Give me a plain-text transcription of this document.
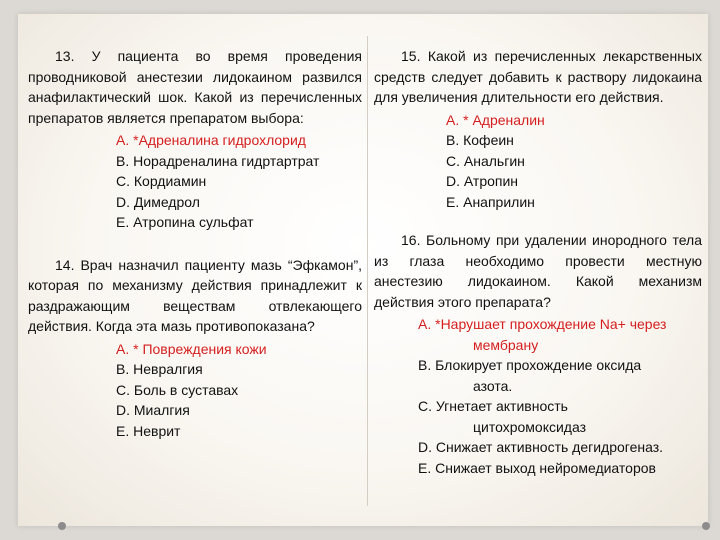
13. У пациента во время проведения проводниковой анестезии лидокаином развился анафилактический шок. Какой из перечисленных препаратов является препаратом выбора:
А. *Адреналина гидрохлорид
В. Норадреналина гидртартрат
С. Кордиамин
D. Димедрол
Е. Атропина сульфат
14. Врач назначил пациенту мазь “Эфкамон”, которая по механизму действия принадлежит к раздражающим веществам отвлекающего действия. Когда эта мазь противопоказана?
А. * Повреждения кожи
В. Невралгия
С. Боль в суставах
D. Миалгия
Е. Неврит
15. Какой из перечисленных лекарственных средств следует добавить к раствору лидокаина для увеличения длительности его действия.
А. * Адреналин
В. Кофеин
С. Анальгин
D. Атропин
Е. Анаприлин
16. Больному при удалении инородного тела из глаза необходимо провести местную анестезию лидокаином. Какой механизм действия этого препарата?
А. *Нарушает прохождение Na+ через
мембрану
В. Блокирует прохождение оксида
азота.
С. Угнетает активность
цитохромоксидаз
D. Снижает активность дегидрогеназ.
Е. Снижает выход нейромедиаторов
